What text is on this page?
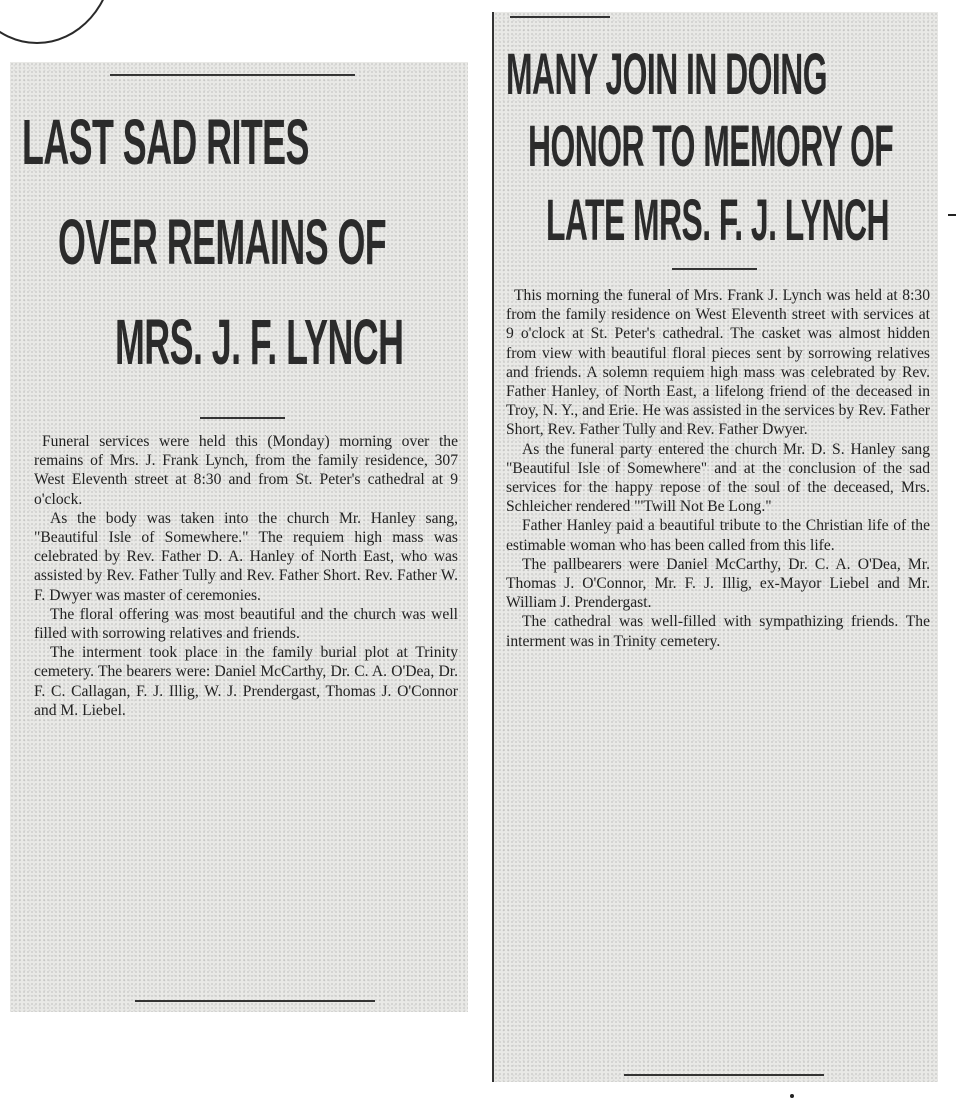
LAST SAD RITES
OVER REMAINS OF
MRS. J. F. LYNCH

Funeral services were held this (Monday) morning over the remains of Mrs. J. Frank Lynch, from the family residence, 307 West Eleventh street at 8:30 and from St. Peter's cathedral at 9 o'clock.

As the body was taken into the church Mr. Hanley sang, "Beautiful Isle of Somewhere." The requiem high mass was celebrated by Rev. Father D. A. Hanley of North East, who was assisted by Rev. Father Tully and Rev. Father Short. Rev. Father W. F. Dwyer was master of ceremonies.

The floral offering was most beautiful and the church was well filled with sorrowing relatives and friends.

The interment took place in the family burial plot at Trinity cemetery. The bearers were: Daniel McCarthy, Dr. C. A. O'Dea, Dr. F. C. Callagan, F. J. Illig, W. J. Prendergast, Thomas J. O'Connor and M. Liebel.

MANY JOIN IN DOING
HONOR TO MEMORY OF
LATE MRS. F. J. LYNCH

This morning the funeral of Mrs. Frank J. Lynch was held at 8:30 from the family residence on West Eleventh street with services at 9 o'clock at St. Peter's cathedral. The casket was almost hidden from view with beautiful floral pieces sent by sorrowing relatives and friends. A solemn requiem high mass was celebrated by Rev. Father Hanley, of North East, a lifelong friend of the deceased in Troy, N. Y., and Erie. He was assisted in the services by Rev. Father Short, Rev. Father Tully and Rev. Father Dwyer.

As the funeral party entered the church Mr. D. S. Hanley sang "Beautiful Isle of Somewhere" and at the conclusion of the sad services for the happy repose of the soul of the deceased, Mrs. Schleicher rendered "'Twill Not Be Long."

Father Hanley paid a beautiful tribute to the Christian life of the estimable woman who has been called from this life.

The pallbearers were Daniel McCarthy, Dr. C. A. O'Dea, Mr. Thomas J. O'Connor, Mr. F. J. Illig, ex-Mayor Liebel and Mr. William J. Prendergast.

The cathedral was well-filled with sympathizing friends. The interment was in Trinity cemetery.
